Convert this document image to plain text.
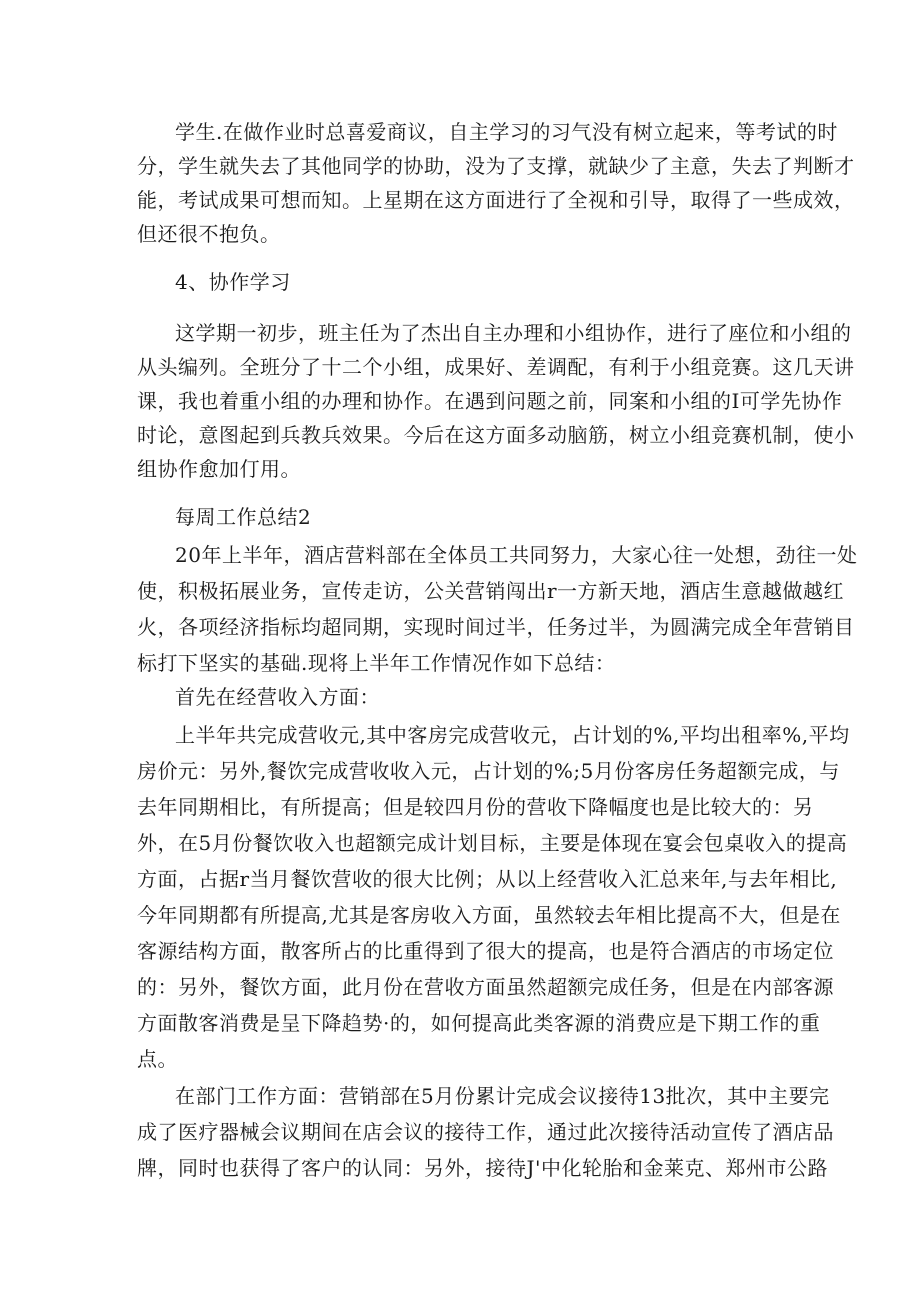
学生.在做作业时总喜爱商议，自主学习的习气没有树立起来，等考试的时
分，学生就失去了其他同学的协助，没为了支撑，就缺少了主意，失去了判断才
能，考试成果可想而知。上星期在这方面进行了全视和引导，取得了一些成效，
但还很不抱负。
4、协作学习
这学期一初步，班主任为了杰出自主办理和小组协作，进行了座位和小组的
从头编列。全班分了十二个小组，成果好、差调配，有利于小组竞赛。这几天讲
课，我也着重小组的办理和协作。在遇到问题之前，同案和小组的I可学先协作
时论，意图起到兵教兵效果。今后在这方面多动脑筋，树立小组竞赛机制，使小
组协作愈加仃用。
每周工作总结2
20年上半年，酒店营料部在全体员工共同努力，大家心往一处想，劲往一处
使，积极拓展业务，宣传走访，公关营销闯出r一方新天地，酒店生意越做越红
火，各项经济指标均超同期，实现时间过半，任务过半，为圆满完成全年营销目
标打下坚实的基础.现将上半年工作情况作如下总结：
首先在经营收入方面：
上半年共完成营收元,其中客房完成营收元，占计划的%,平均出租率%,平均
房价元：另外,餐饮完成营收收入元，占计划的%;5月份客房任务超额完成，与
去年同期相比，有所提高；但是较四月份的营收下降幅度也是比较大的：另
外，在5月份餐饮收入也超额完成计划目标，主要是体现在宴会包桌收入的提高
方面，占据r当月餐饮营收的很大比例；从以上经营收入汇总来年,与去年相比,
今年同期都有所提高,尤其是客房收入方面，虽然较去年相比提高不大，但是在
客源结构方面，散客所占的比重得到了很大的提高，也是符合酒店的市场定位
的：另外，餐饮方面，此月份在营收方面虽然超额完成任务，但是在内部客源
方面散客消费是呈下降趋势·的，如何提高此类客源的消费应是下期工作的重
点。
在部门工作方面：营销部在5月份累计完成会议接待13批次，其中主要完
成了医疗器械会议期间在店会议的接待工作，通过此次接待活动宣传了酒店品
牌，同时也获得了客户的认同：另外，接待J'中化轮胎和金莱克、郑州市公路
